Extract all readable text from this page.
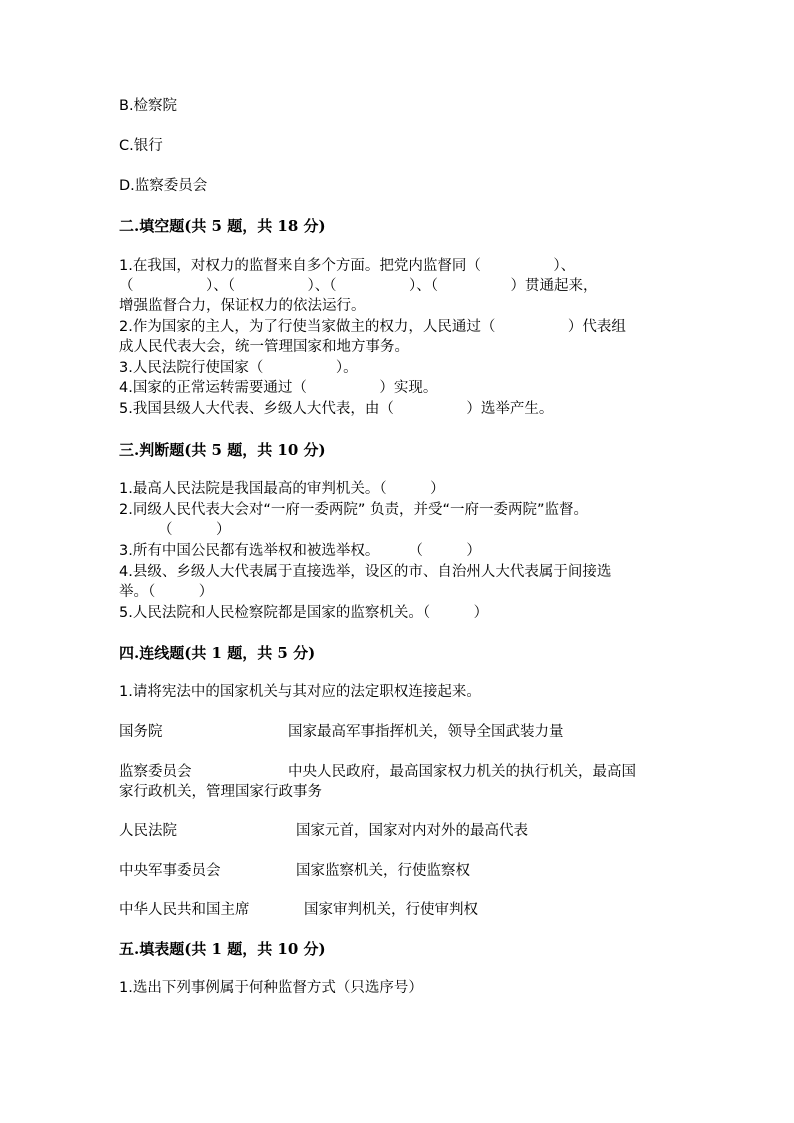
B.检察院
C.银行
D.监察委员会
二.填空题(共 5 题，共 18 分)
1.在我国，对权力的监督来自多个方面。把党内监督同（　　　　　）、
（　　　　　）、（　　　　　）、（　　　　　）、（　　　　　）贯通起来，
增强监督合力，保证权力的依法运行。
2.作为国家的主人，为了行使当家做主的权力，人民通过（　　　　　）代表组
成人民代表大会，统一管理国家和地方事务。
3.人民法院行使国家（　　　　　）。
4.国家的正常运转需要通过（　　　　　）实现。
5.我国县级人大代表、乡级人大代表，由（　　　　　）选举产生。
三.判断题(共 5 题，共 10 分)
1.最高人民法院是我国最高的审判机关。（　　　）
2.同级人民代表大会对“一府一委两院” 负责，并受“一府一委两院”监督。
（　　　）
3.所有中国公民都有选举权和被选举权。　　　（　　　）
4.县级、乡级人大代表属于直接选举，设区的市、自治州人大代表属于间接选
举。（　　　）
5.人民法院和人民检察院都是国家的监察机关。（　　　）
四.连线题(共 1 题，共 5 分)
1.请将宪法中的国家机关与其对应的法定职权连接起来。
国务院	国家最高军事指挥机关，领导全国武装力量
监察委员会	中央人民政府，最高国家权力机关的执行机关，最高国
家行政机关，管理国家行政事务
人民法院	国家元首，国家对内对外的最高代表
中央军事委员会	国家监察机关，行使监察权
中华人民共和国主席	国家审判机关，行使审判权
五.填表题(共 1 题，共 10 分)
1.选出下列事例属于何种监督方式（只选序号）
